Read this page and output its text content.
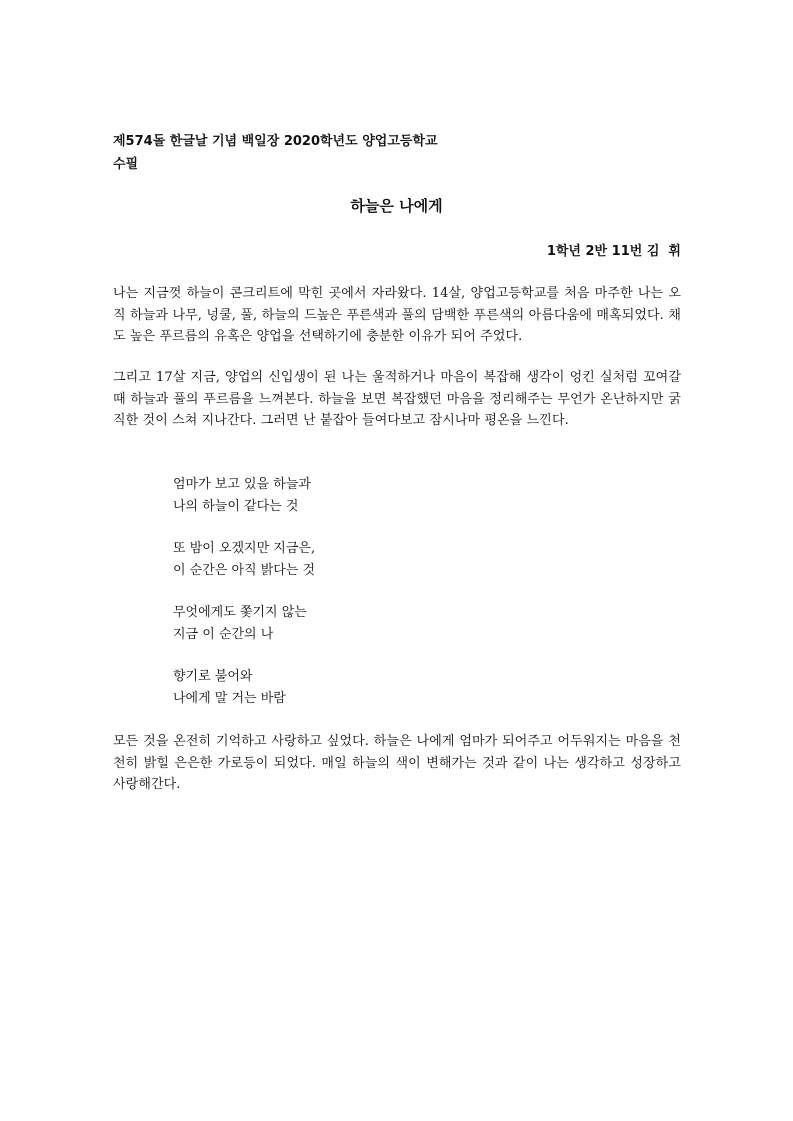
제574돌 한글날 기념 백일장 2020학년도 양업고등학교
수필
하늘은 나에게
1학년 2반 11번 김  휘

나는 지금껏 하늘이 콘크리트에 막힌 곳에서 자라왔다. 14살, 양업고등학교를 처음 마주한 나는 오직 하늘과 나무, 넝쿨, 풀, 하늘의 드높은 푸른색과 풀의 담백한 푸른색의 아름다움에 매혹되었다. 채도 높은 푸르름의 유혹은 양업을 선택하기에 충분한 이유가 되어 주었다.

그리고 17살 지금, 양업의 신입생이 된 나는 울적하거나 마음이 복잡해 생각이 엉킨 실처럼 꼬여갈 때 하늘과 풀의 푸르름을 느껴본다. 하늘을 보면 복잡했던 마음을 정리해주는 무언가 온난하지만 굵직한 것이 스쳐 지나간다. 그러면 난 붙잡아 들여다보고 잠시나마 평온을 느낀다.

엄마가 보고 있을 하늘과
나의 하늘이 같다는 것
또 밤이 오겠지만 지금은,
이 순간은 아직 밝다는 것
무엇에게도 쫓기지 않는
지금 이 순간의 나
향기로 불어와
나에게 말 거는 바람

모든 것을 온전히 기억하고 사랑하고 싶었다. 하늘은 나에게 엄마가 되어주고 어두워지는 마음을 천천히 밝힐 은은한 가로등이 되었다. 매일 하늘의 색이 변해가는 것과 같이 나는 생각하고 성장하고 사랑해간다.
